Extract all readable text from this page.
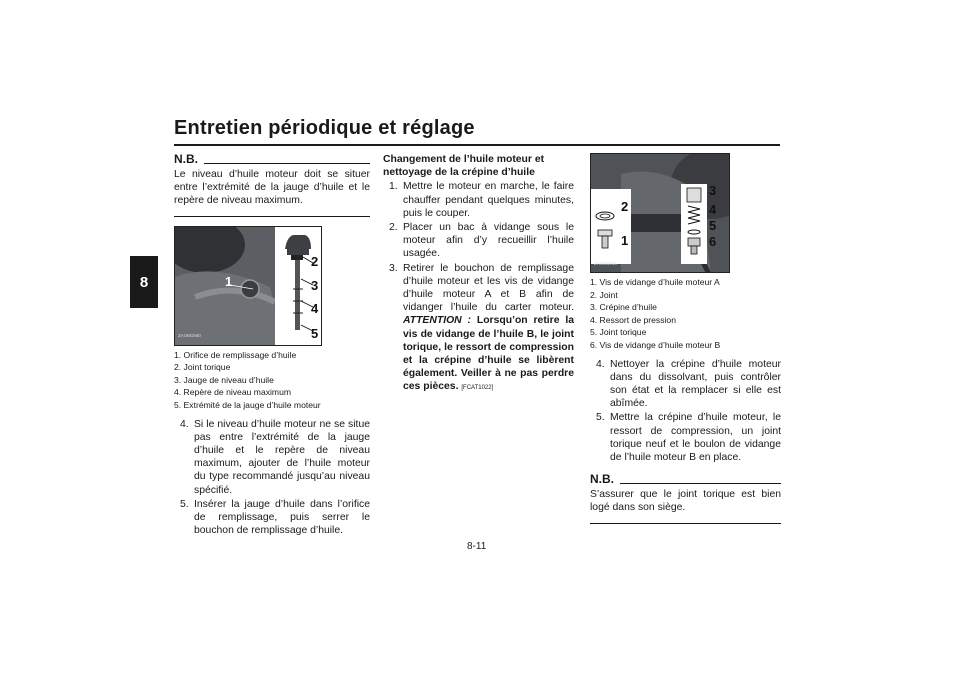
Entretien périodique et réglage
8
N.B.
Le niveau d’huile moteur doit se situer entre l’extrémité de la jauge d’huile et le repère de niveau maximum.
1
2
3
4
5
ZAUM1940
1. Orifice de remplissage d’huile
2. Joint torique
3. Jauge de niveau d’huile
4. Repère de niveau maximum
5. Extrémité de la jauge d’huile moteur
4. Si le niveau d’huile moteur ne se situe pas entre l’extrémité de la jauge d’huile et le repère de niveau maximum, ajouter de l’huile moteur du type recommandé jusqu’au niveau spécifié.
5. Insérer la jauge d’huile dans l’orifice de remplissage, puis serrer le bouchon de remplissage d’huile.
Changement de l’huile moteur et nettoyage de la crépine d’huile
1. Mettre le moteur en marche, le faire chauffer pendant quelques minutes, puis le couper.
2. Placer un bac à vidange sous le moteur afin d’y recueillir l’huile usagée.
3. Retirer le bouchon de remplissage d’huile moteur et les vis de vidange d’huile moteur A et B afin de vidanger l’huile du carter moteur. ATTENTION : Lorsqu’on retire la vis de vidange de l’huile B, le joint torique, le ressort de compression et la crépine d’huile se libèrent également. Veiller à ne pas perdre ces pièces. [FCAT1022]
1
2
3
4
5
6
ZAUM1944
1. Vis de vidange d’huile moteur A
2. Joint
3. Crépine d’huile
4. Ressort de pression
5. Joint torique
6. Vis de vidange d’huile moteur B
4. Nettoyer la crépine d’huile moteur dans du dissolvant, puis contrôler son état et la remplacer si elle est abîmée.
5. Mettre la crépine d’huile moteur, le ressort de compression, un joint torique neuf et le boulon de vidange de l’huile moteur B en place.
N.B.
S’assurer que le joint torique est bien logé dans son siège.
8-11
